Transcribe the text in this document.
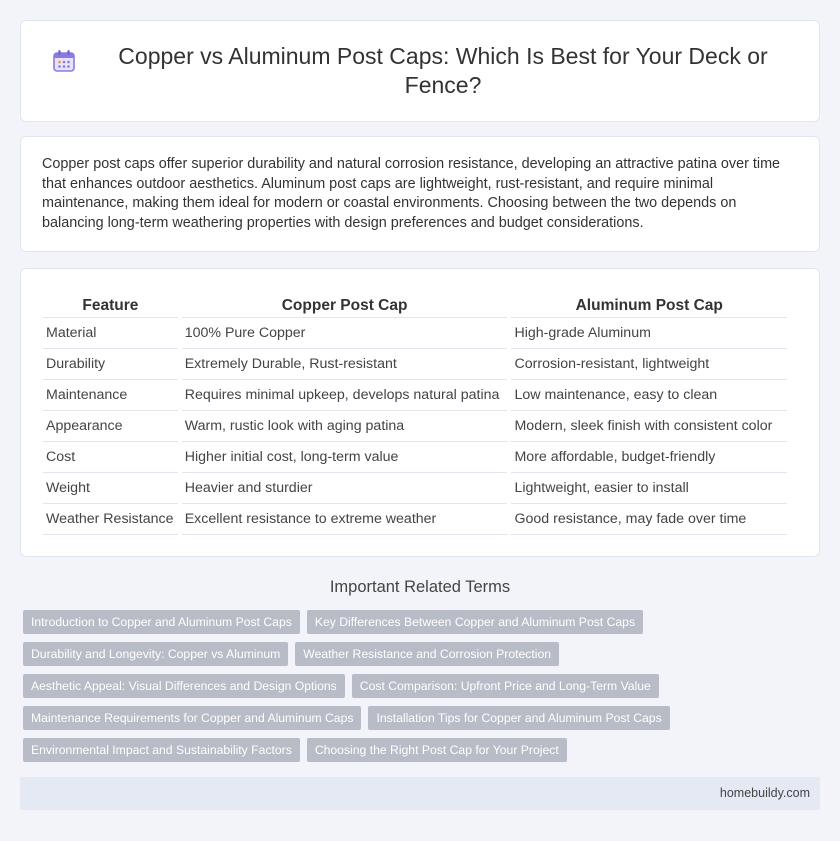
Copper vs Aluminum Post Caps: Which Is Best for Your Deck or Fence?

Copper post caps offer superior durability and natural corrosion resistance, developing an attractive patina over time that enhances outdoor aesthetics. Aluminum post caps are lightweight, rust-resistant, and require minimal maintenance, making them ideal for modern or coastal environments. Choosing between the two depends on balancing long-term weathering properties with design preferences and budget considerations.

Feature	Copper Post Cap	Aluminum Post Cap
Material	100% Pure Copper	High-grade Aluminum
Durability	Extremely Durable, Rust-resistant	Corrosion-resistant, lightweight
Maintenance	Requires minimal upkeep, develops natural patina	Low maintenance, easy to clean
Appearance	Warm, rustic look with aging patina	Modern, sleek finish with consistent color
Cost	Higher initial cost, long-term value	More affordable, budget-friendly
Weight	Heavier and sturdier	Lightweight, easier to install
Weather Resistance	Excellent resistance to extreme weather	Good resistance, may fade over time
Important Related Terms
Introduction to Copper and Aluminum Post Caps	Key Differences Between Copper and Aluminum Post Caps
Durability and Longevity: Copper vs Aluminum	Weather Resistance and Corrosion Protection
Aesthetic Appeal: Visual Differences and Design Options	Cost Comparison: Upfront Price and Long-Term Value
Maintenance Requirements for Copper and Aluminum Caps	Installation Tips for Copper and Aluminum Post Caps
Environmental Impact and Sustainability Factors	Choosing the Right Post Cap for Your Project
homebuildy.com
